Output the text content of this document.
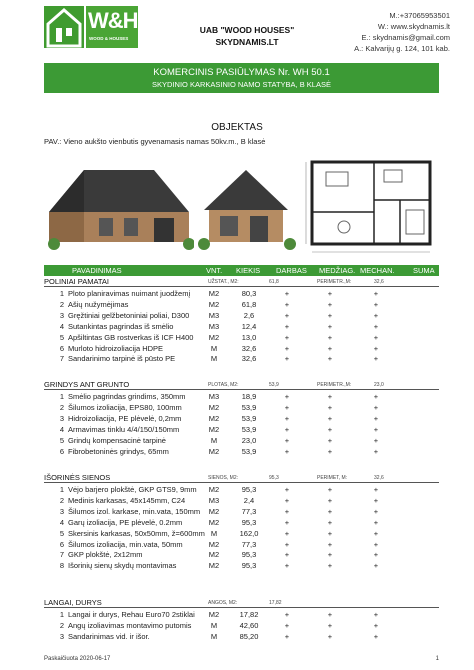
W&H
WOOD & HOUSES
UAB "WOOD HOUSES"
SKYDNAMIS.LT
M.:+37065953501
W.: www.skydnamis.lt
E.: skydnamis@gmail.com
A.: Kalvarijų g. 124, 101 kab.
KOMERCINIS PASIŪLYMAS Nr. WH 50.1
SKYDINIO KARKASINIO NAMO STATYBA, B KLASĖ
OBJEKTAS
PAV.: Vieno aukšto vienbutis gyvenamasis namas 50kv.m., B klasė
PAVADINIMAS	VNT. KIEKIS DARBAS MEDŽIAG. MECHAN. SUMA
POLINIAI PAMATAI	UŽSTAT., M2:	61,8	PERIMETR.,M:	32,6
1 Ploto planiravimas nuimant juodžemį	M2	80,3	+	+	+
2 Ašių nužymėjimas	M2	61,8	+	+	+
3 Gręžtiniai gelžbetoniniai poliai, D300	M3	2,6	+	+	+
4 Sutankintas pagrindas iš smėlio	M3	12,4	+	+	+
5 Apšiltintas GB rostverkas iš ICF H400	M2	13,0	+	+	+
6 Murloto hidroizoliacija HDPE	M	32,6	+	+	+
7 Sandarinimo tarpinė iš pūsto PE	M	32,6	+	+	+
GRINDYS ANT GRUNTO	PLOTAS, M2:	53,9	PERIMETR.,M:	23,0
1 Smėlio pagrindas grindims, 350mm	M3	18,9	+	+	+
2 Šilumos izoliacija, EPS80, 100mm	M2	53,9	+	+	+
3 Hidroizoliacija, PE plėvelė, 0,2mm	M2	53,9	+	+	+
4 Armavimas tinklu 4/4/150/150mm	M2	53,9	+	+	+
5 Grindų kompensacinė tarpinė	M	23,0	+	+	+
6 Fibrobetoninės grindys, 65mm	M2	53,9	+	+	+
IŠORINĖS SIENOS	SIENOS, M2:	95,3	PERIMET, M:	32,6
1 Vėjo barjero plokštė, GKP GTS9, 9mm	M2	95,3	+	+	+
2 Medinis karkasas, 45x145mm, C24	M3	2,4	+	+	+
3 Šilumos izol. karkase, min.vata, 150mm	M2	77,3	+	+	+
4 Garų izoliacija, PE plėvelė, 0.2mm	M2	95,3	+	+	+
5 Skersinis karkasas, 50x50mm, ž=600mm M	162,0	+	+	+
6 Šilumos izoliacija, min.vata, 50mm	M2	77,3	+	+	+
7 GKP plokštė, 2x12mm	M2	95,3	+	+	+
8 Išorinių sienų skydų montavimas	M2	95,3	+	+	+
LANGAI, DURYS	ANGOS, M2:	17,82
1 Langai ir durys, Rehau Euro70 2stiklai	M2	17,82	+	+	+
2 Angų izoliavimas montavimo putomis	M	42,60	+	+	+
3 Sandarinimas vid. ir išor.	M	85,20	+	+	+
Paskaičiuota 2020-06-17	1
